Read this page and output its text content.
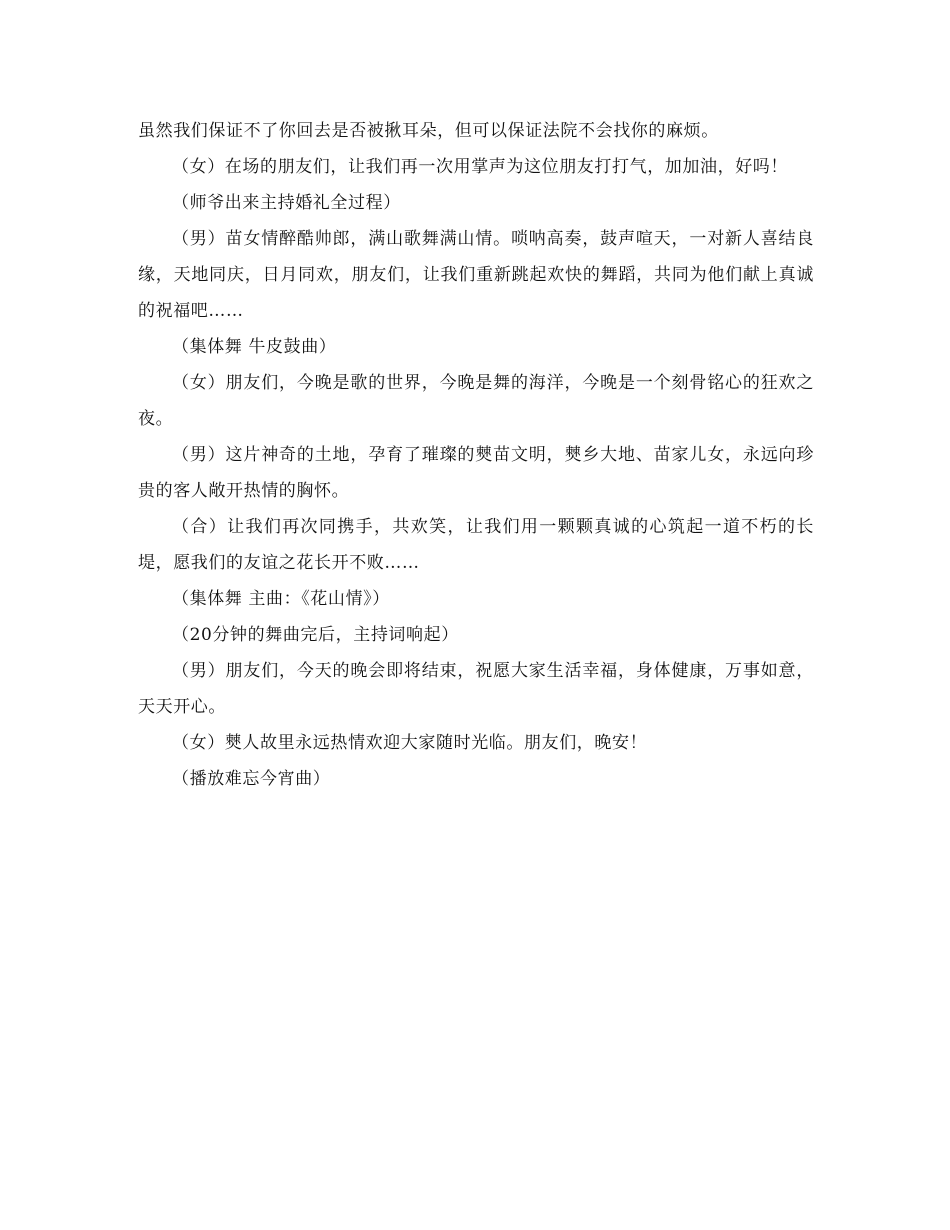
虽然我们保证不了你回去是否被揪耳朵，但可以保证法院不会找你的麻烦。

（女）在场的朋友们，让我们再一次用掌声为这位朋友打打气，加加油，好吗！

（师爷出来主持婚礼全过程）

（男）苗女情醉酷帅郎，满山歌舞满山情。唢呐高奏，鼓声喧天，一对新人喜结良缘，天地同庆，日月同欢，朋友们，让我们重新跳起欢快的舞蹈，共同为他们献上真诚的祝福吧……

（集体舞 牛皮鼓曲）

（女）朋友们，今晚是歌的世界，今晚是舞的海洋，今晚是一个刻骨铭心的狂欢之夜。

（男）这片神奇的土地，孕育了璀璨的僰苗文明，僰乡大地、苗家儿女，永远向珍贵的客人敞开热情的胸怀。

（合）让我们再次同携手，共欢笑，让我们用一颗颗真诚的心筑起一道不朽的长堤，愿我们的友谊之花长开不败……

（集体舞 主曲：《花山情》）

（20分钟的舞曲完后，主持词响起）

（男）朋友们，今天的晚会即将结束，祝愿大家生活幸福，身体健康，万事如意，天天开心。

（女）僰人故里永远热情欢迎大家随时光临。朋友们，晚安！

（播放难忘今宵曲）
